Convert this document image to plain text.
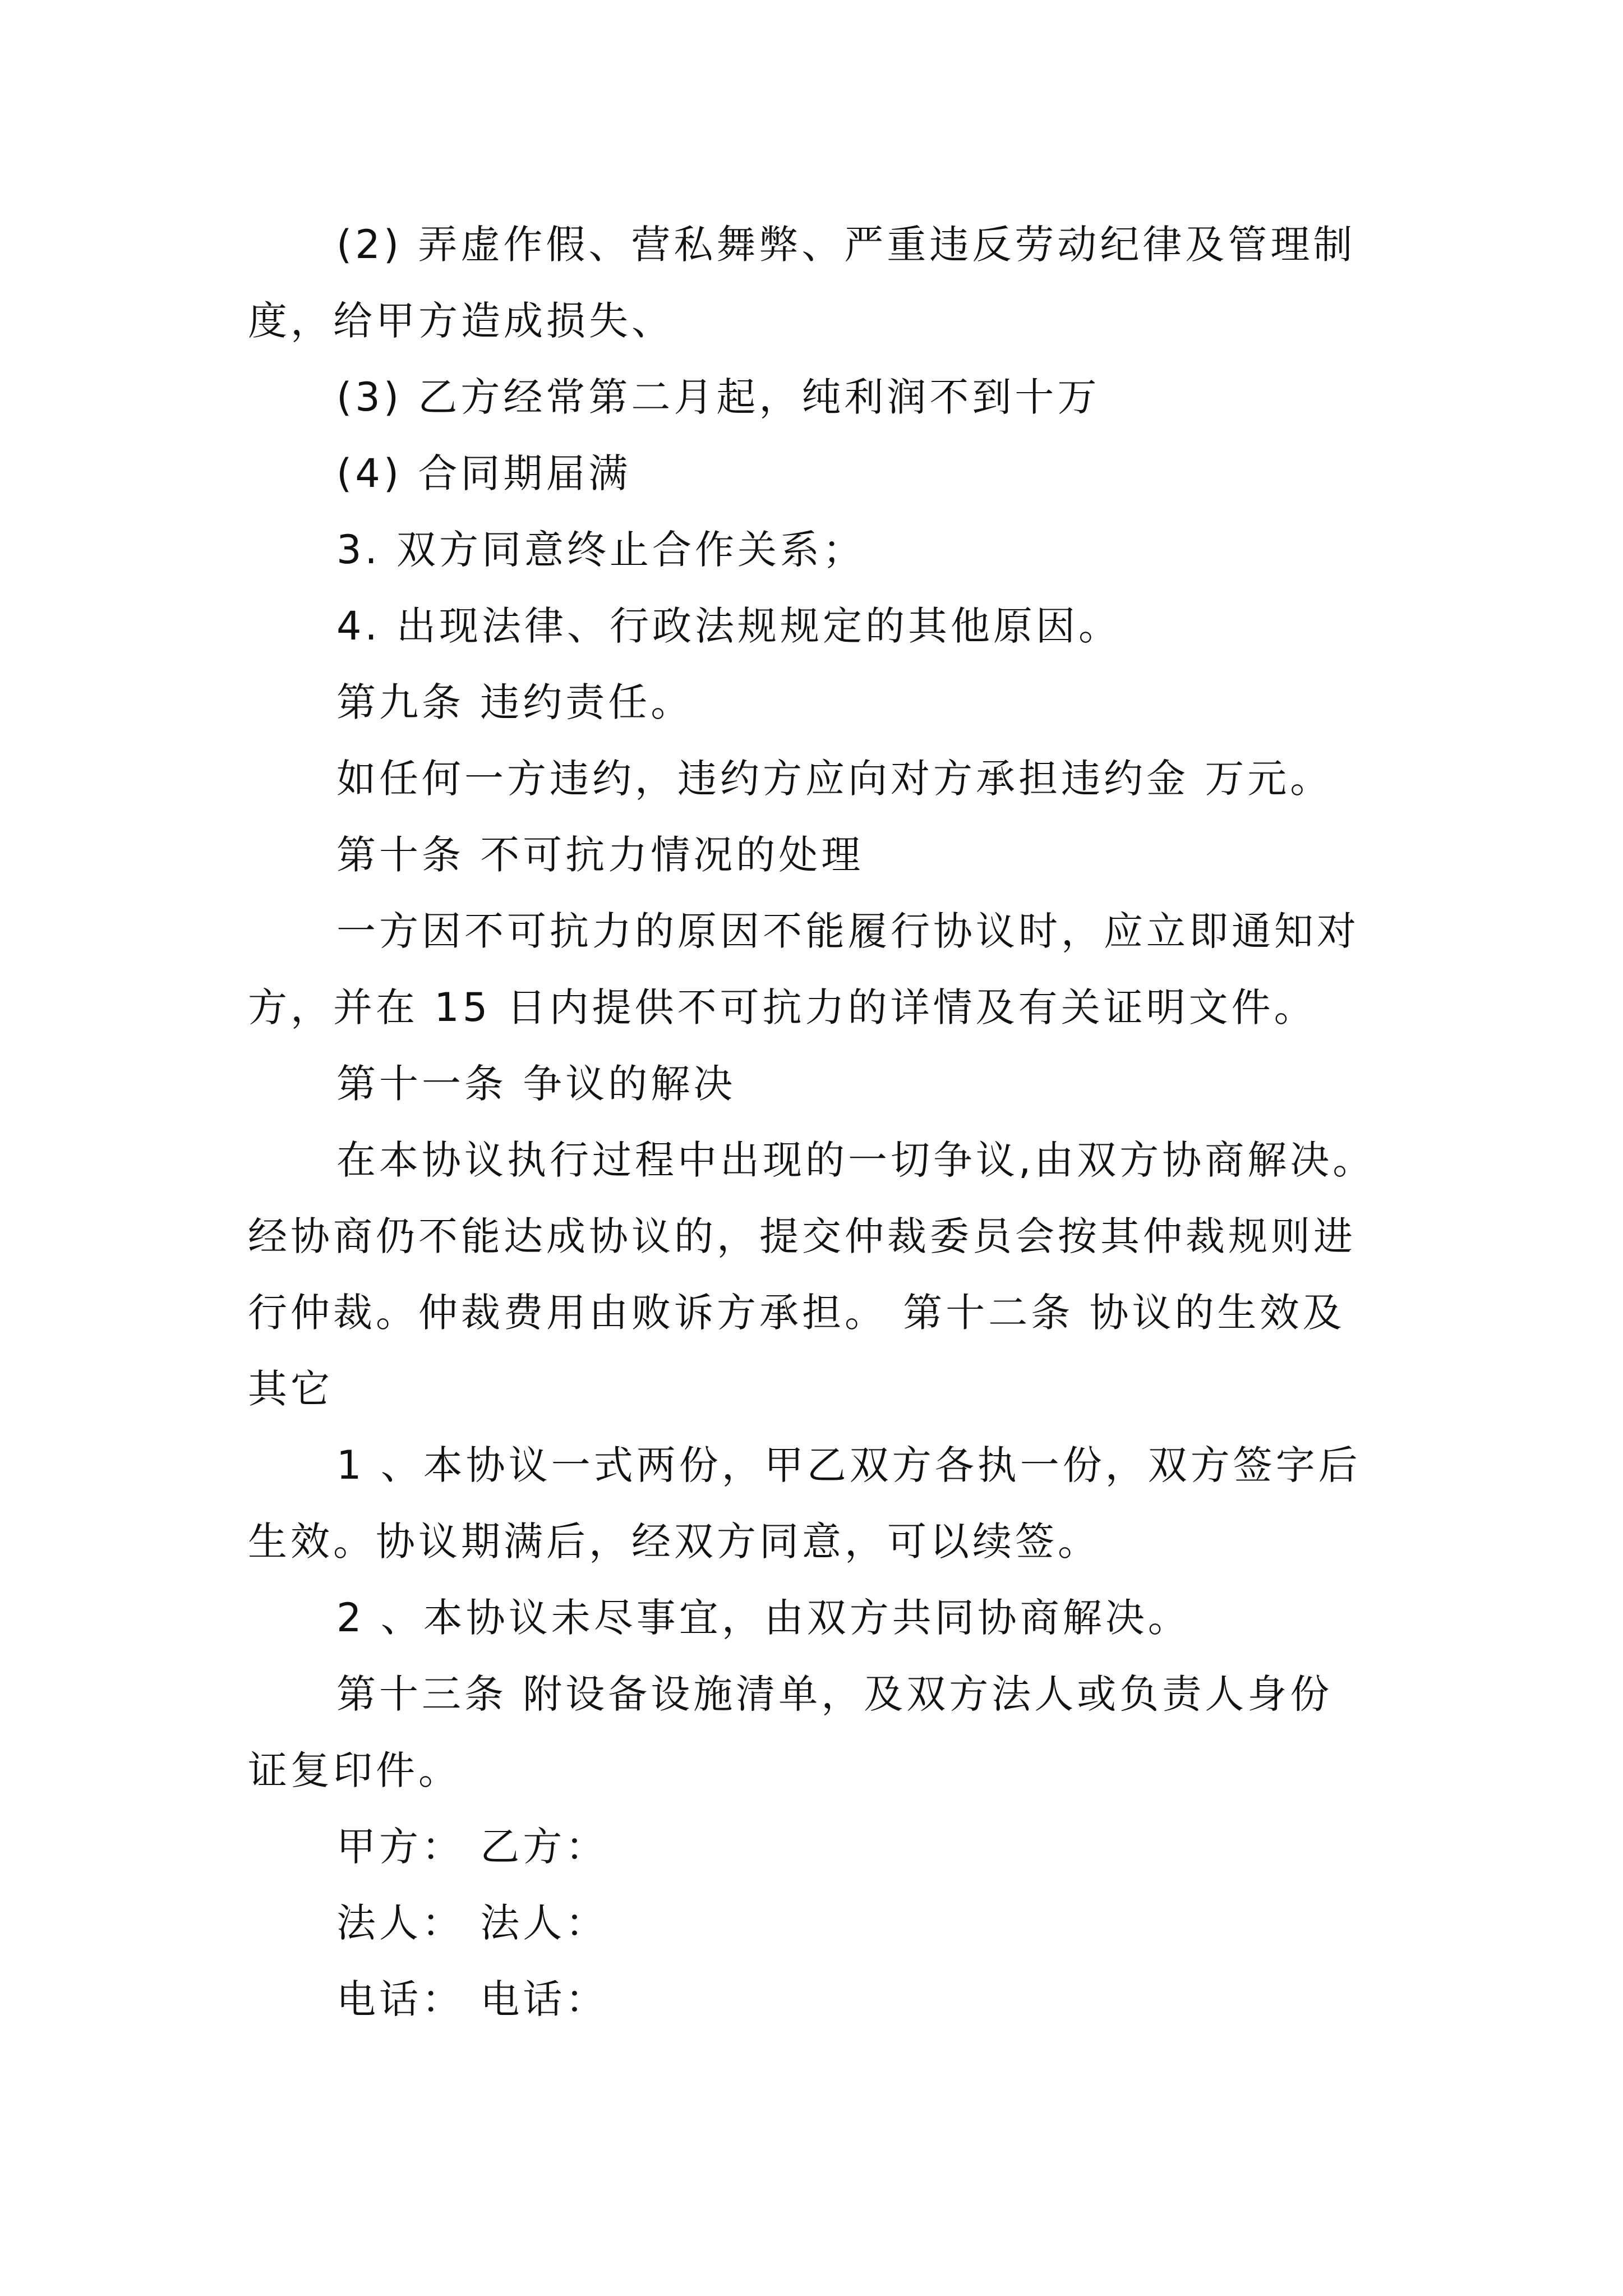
(2) 弄虚作假、营私舞弊、严重违反劳动纪律及管理制
度，给甲方造成损失、
(3) 乙方经常第二月起，纯利润不到十万
(4) 合同期届满
3. 双方同意终止合作关系；
4. 出现法律、行政法规规定的其他原因。
第九条 违约责任。
如任何一方违约，违约方应向对方承担违约金 万元。
第十条 不可抗力情况的处理
一方因不可抗力的原因不能履行协议时，应立即通知对
方，并在 15 日内提供不可抗力的详情及有关证明文件。
第十一条 争议的解决
在本协议执行过程中出现的一切争议,由双方协商解决。
经协商仍不能达成协议的，提交仲裁委员会按其仲裁规则进
行仲裁。仲裁费用由败诉方承担。 第十二条 协议的生效及
其它
1 、本协议一式两份，甲乙双方各执一份，双方签字后
生效。协议期满后，经双方同意，可以续签。
2 、本协议未尽事宜，由双方共同协商解决。
第十三条 附设备设施清单，及双方法人或负责人身份
证复印件。
甲方： 乙方：
法人： 法人：
电话： 电话：
